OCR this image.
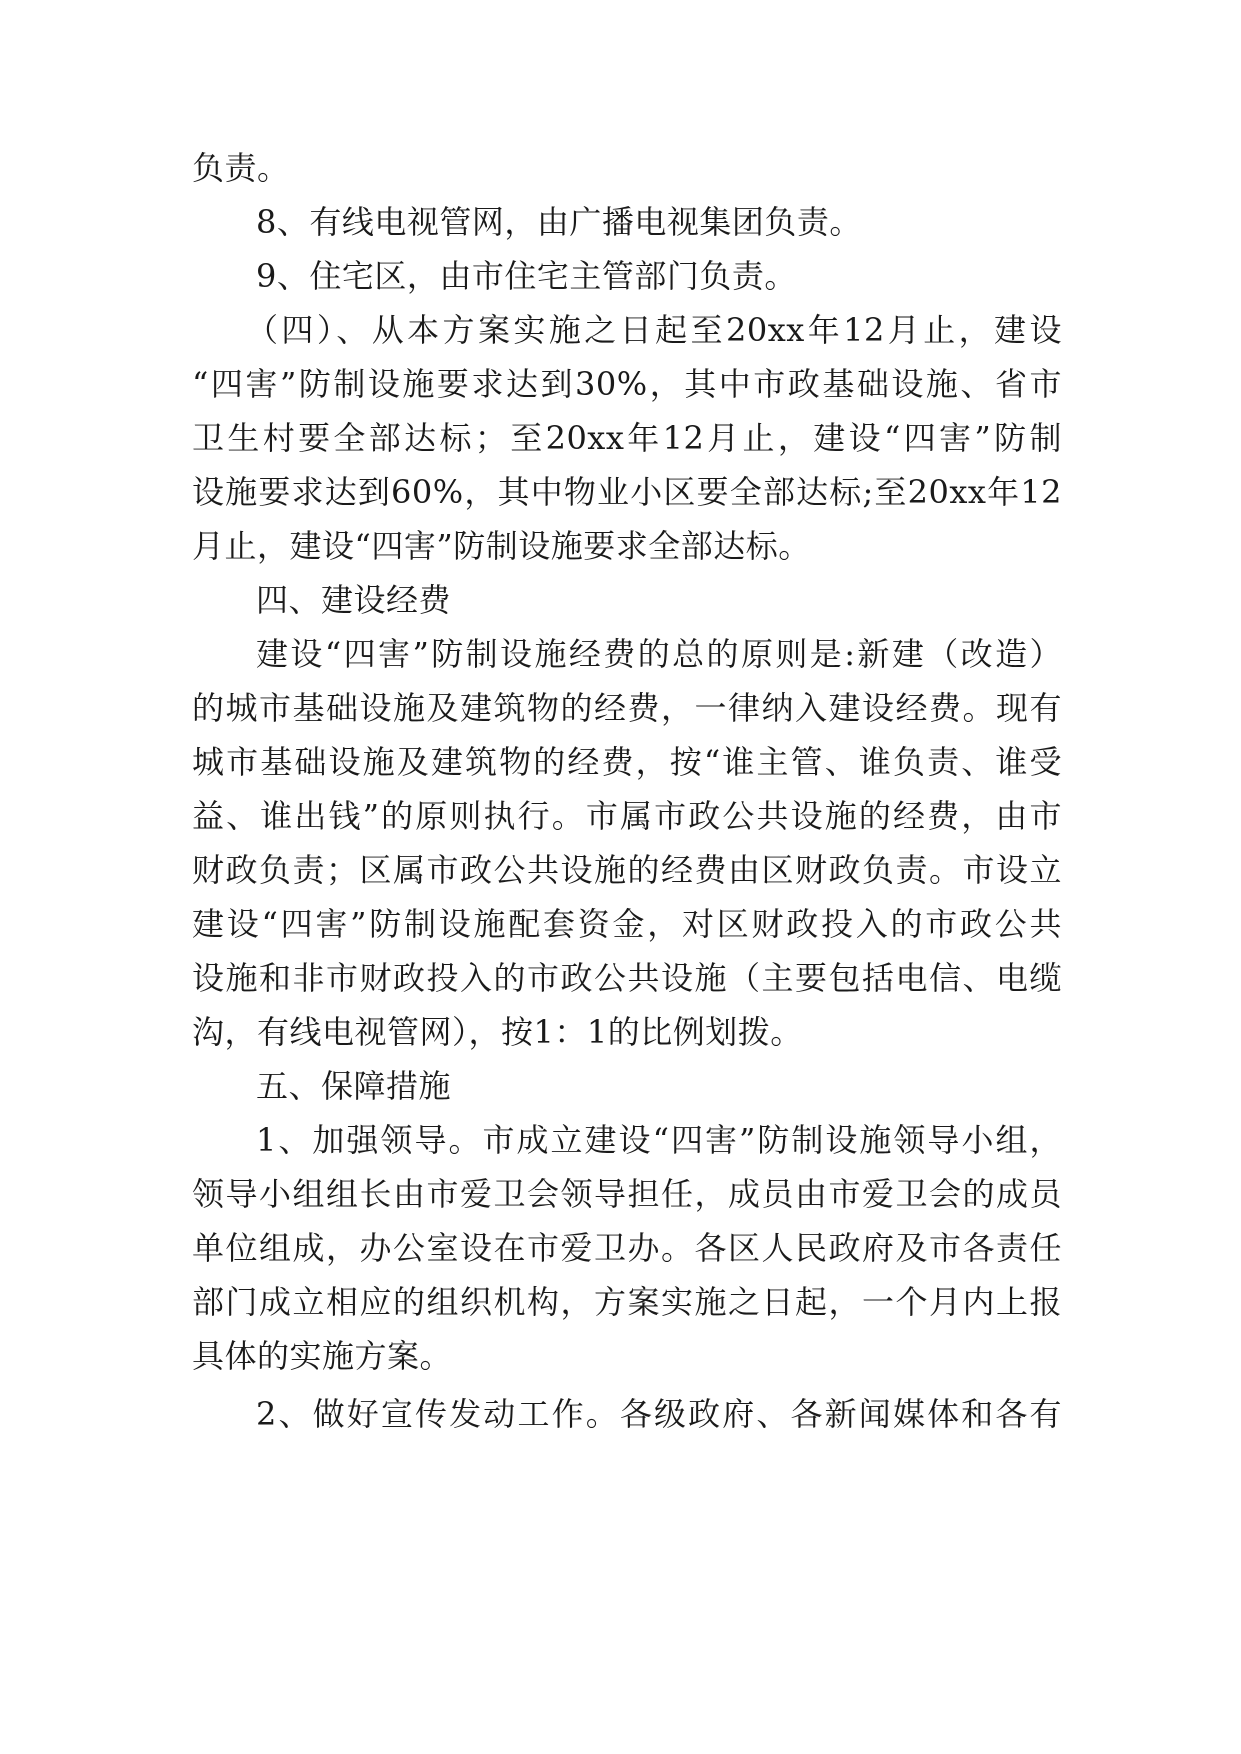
负责。
8、有线电视管网，由广播电视集团负责。
9、住宅区，由市住宅主管部门负责。
（四）、从本方案实施之日起至20xx年12月止，建设
“四害”防制设施要求达到30%，其中市政基础设施、省市
卫生村要全部达标；至20xx年12月止，建设“四害”防制
设施要求达到60%，其中物业小区要全部达标;至20xx年12
月止，建设“四害”防制设施要求全部达标。
四、建设经费
建设“四害”防制设施经费的总的原则是:新建（改造）
的城市基础设施及建筑物的经费，一律纳入建设经费。现有
城市基础设施及建筑物的经费，按“谁主管、谁负责、谁受
益、谁出钱”的原则执行。市属市政公共设施的经费，由市
财政负责；区属市政公共设施的经费由区财政负责。市设立
建设“四害”防制设施配套资金，对区财政投入的市政公共
设施和非市财政投入的市政公共设施（主要包括电信、电缆
沟，有线电视管网），按1：1的比例划拨。
五、保障措施
1、加强领导。市成立建设“四害”防制设施领导小组，
领导小组组长由市爱卫会领导担任，成员由市爱卫会的成员
单位组成，办公室设在市爱卫办。各区人民政府及市各责任
部门成立相应的组织机构，方案实施之日起，一个月内上报
具体的实施方案。
2、做好宣传发动工作。各级政府、各新闻媒体和各有
